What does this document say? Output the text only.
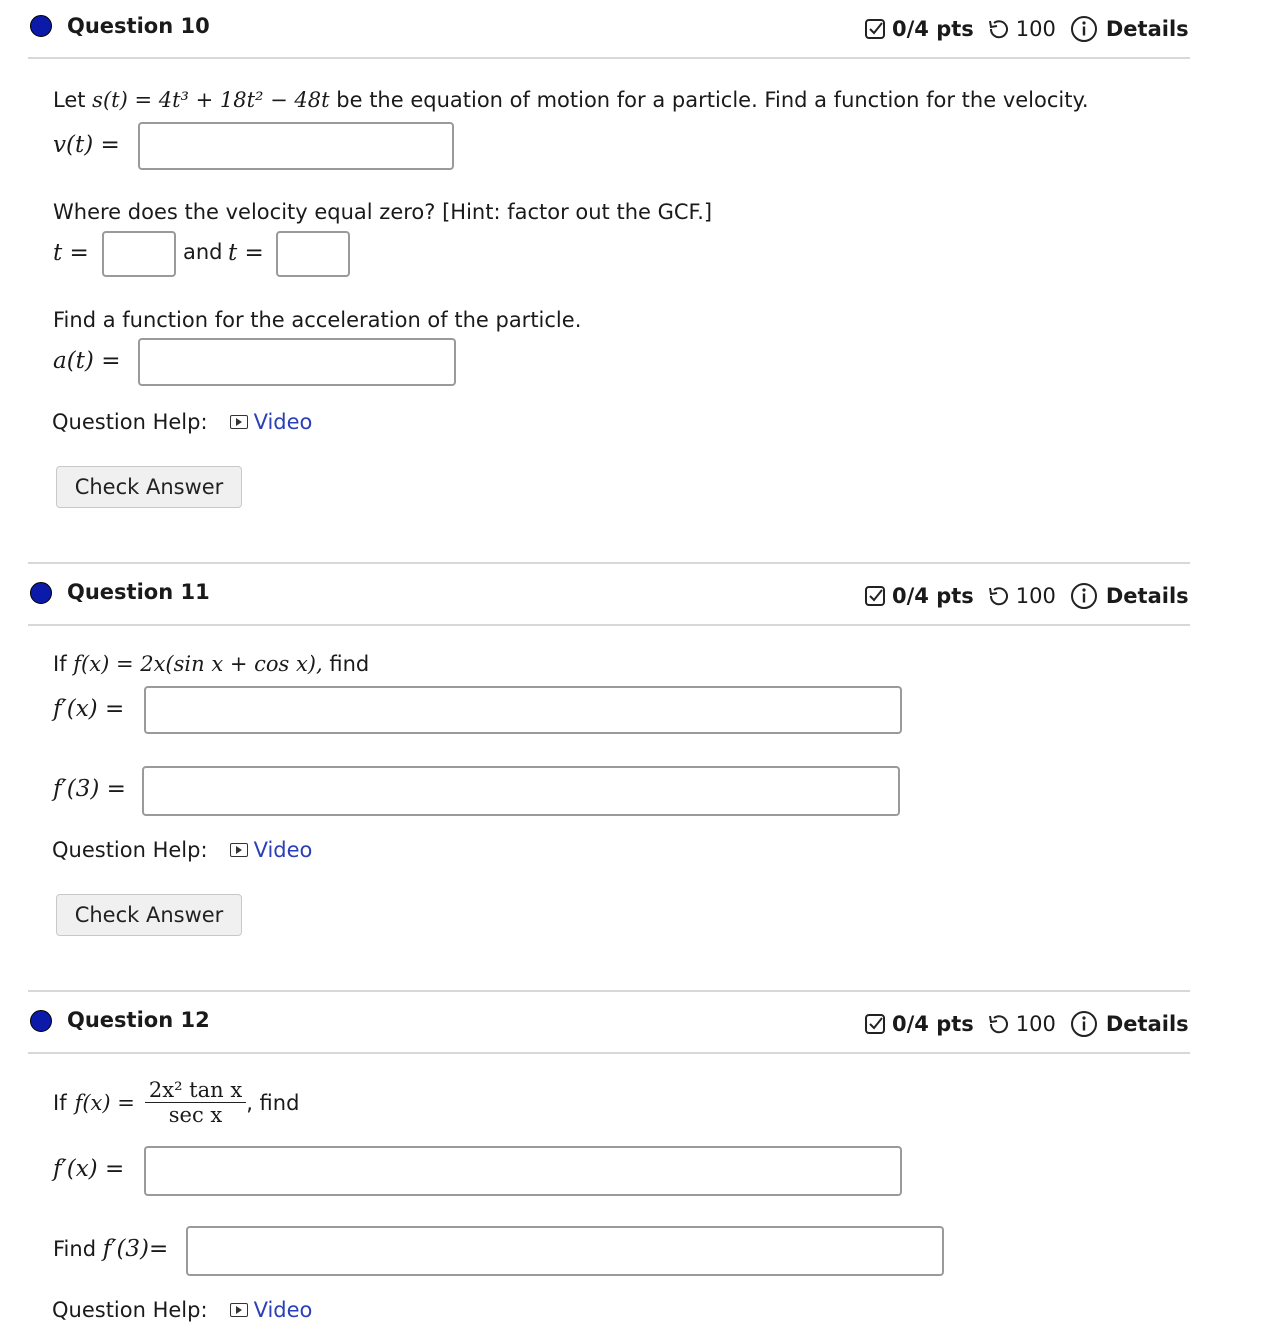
Question 10	0/4 pts 100 Details
Let s(t) = 4t³ + 18t² − 48t be the equation of motion for a particle. Find a function for the velocity.
v(t) =
Where does the velocity equal zero? [Hint: factor out the GCF.]
t =	and t =
Find a function for the acceleration of the particle.
a(t) =
Question Help: Video
Check Answer
Question 11	0/4 pts 100 Details
If f(x) = 2x(sin x + cos x), find
f′(x) =
f′(3) =
Question Help: Video
Check Answer
Question 12	0/4 pts 100 Details
If $f(x) = \frac{\text{2x² tan x}}{\text{sec x}}$ , find
f′(x) =
Find f′(3)=
Question Help: Video
